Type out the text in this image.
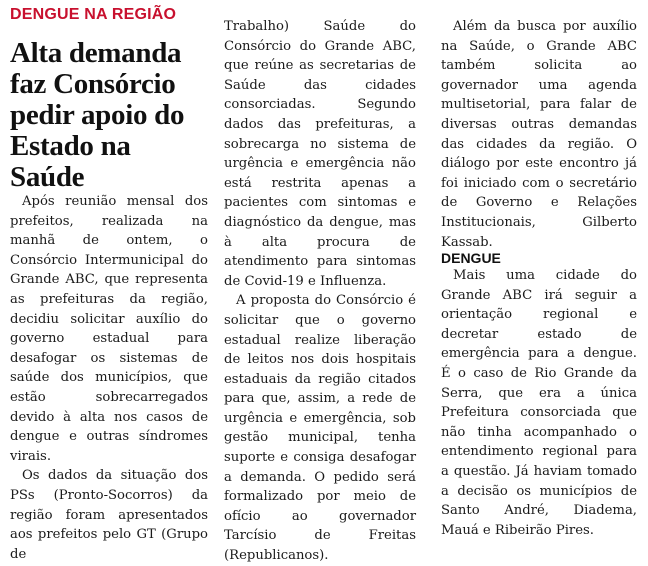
DENGUE NA REGIÃO
Alta demanda faz Consórcio pedir apoio do Estado na Saúde

Após reunião mensal dos prefeitos, realizada na manhã de ontem, o Consórcio Intermunicipal do Grande ABC, que representa as prefeituras da região, decidiu solicitar auxílio do governo estadual para desafogar os sistemas de saúde dos municípios, que estão sobrecarregados devido à alta nos casos de dengue e outras síndromes virais.

Os dados da situação dos PSs (Pronto-Socorros) da região foram apresentados aos prefeitos pelo GT (Grupo de

Trabalho) Saúde do Consórcio do Grande ABC, que reúne as secretarias de Saúde das cidades consorciadas. Segundo dados das prefeituras, a sobrecarga no sistema de urgência e emergência não está restrita apenas a pacientes com sintomas e diagnóstico da dengue, mas à alta procura de atendimento para sintomas de Covid-19 e Influenza.

A proposta do Consórcio é solicitar que o governo estadual realize liberação de leitos nos dois hospitais estaduais da região citados para que, assim, a rede de urgência e emergência, sob gestão municipal, tenha suporte e consiga desafogar a demanda. O pedido será formalizado por meio de ofício ao governador Tarcísio de Freitas (Republicanos).

Além da busca por auxílio na Saúde, o Grande ABC também solicita ao governador uma agenda multisetorial, para falar de diversas outras demandas das cidades da região. O diálogo por este encontro já foi iniciado com o secretário de Governo e Relações Institucionais, Gilberto Kassab.

DENGUE

Mais uma cidade do Grande ABC irá seguir a orientação regional e decretar estado de emergência para a dengue. É o caso de Rio Grande da Serra, que era a única Prefeitura consorciada que não tinha acompanhado o entendimento regional para a questão. Já haviam tomado a decisão os municípios de Santo André, Diadema, Mauá e Ribeirão Pires.
